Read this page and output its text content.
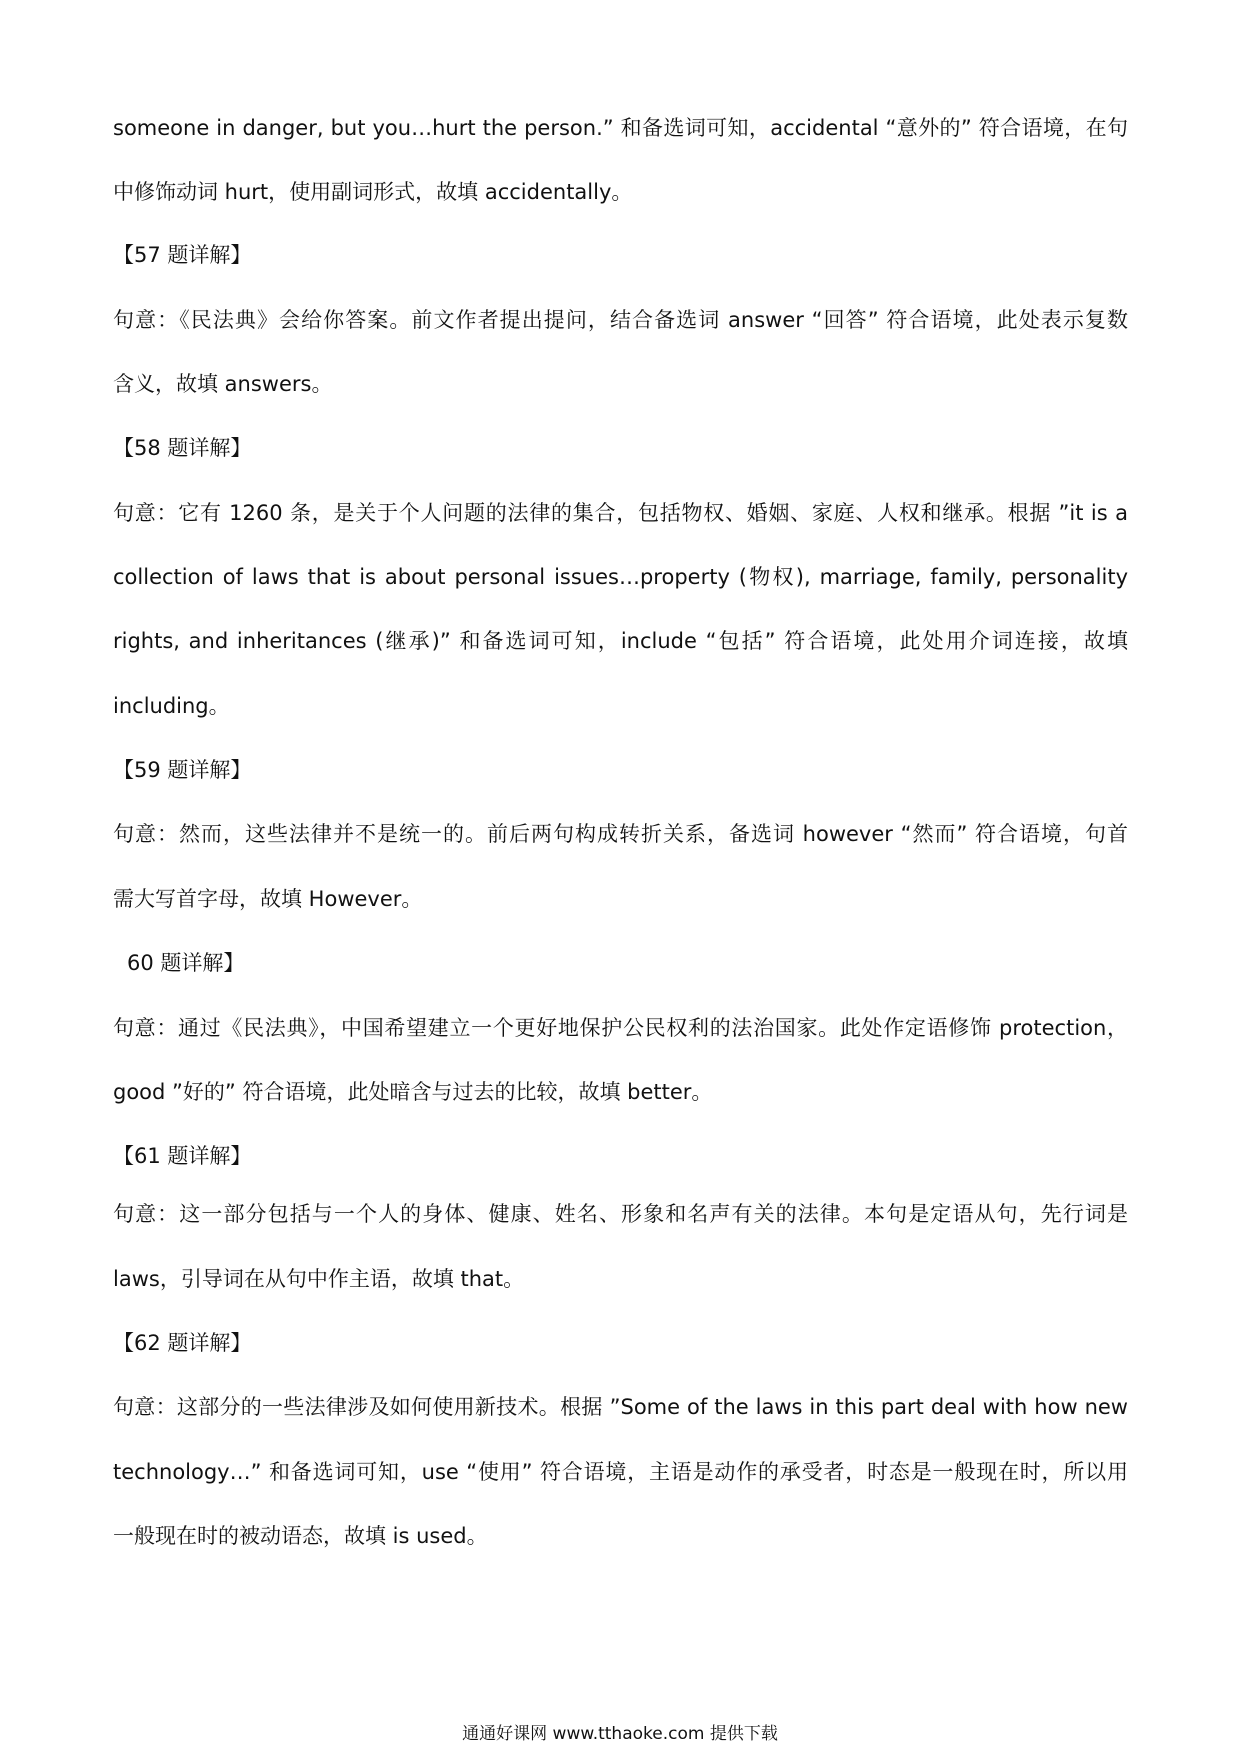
someone in danger, but you…hurt the person.” 和备选词可知，accidental “意外的” 符合语境，在句
中修饰动词 hurt，使用副词形式，故填 accidentally。
【57 题详解】
句意：《民法典》会给你答案。前文作者提出提问，结合备选词 answer “回答” 符合语境，此处表示复数
含义，故填 answers。
【58 题详解】
句意：它有 1260 条，是关于个人问题的法律的集合，包括物权、婚姻、家庭、人权和继承。根据 ”it is a
collection of laws that is about personal issues…property (物权), marriage, family, personality
rights, and inheritances (继承)” 和备选词可知，include “包括” 符合语境，此处用介词连接，故填
including。
【59 题详解】
句意：然而，这些法律并不是统一的。前后两句构成转折关系，备选词 however “然而” 符合语境，句首
需大写首字母，故填 However。
60 题详解】
句意：通过《民法典》，中国希望建立一个更好地保护公民权利的法治国家。此处作定语修饰 protection，
good ”好的” 符合语境，此处暗含与过去的比较，故填 better。
【61 题详解】
句意：这一部分包括与一个人的身体、健康、姓名、形象和名声有关的法律。本句是定语从句，先行词是
laws，引导词在从句中作主语，故填 that。
【62 题详解】
句意：这部分的一些法律涉及如何使用新技术。根据 ”Some of the laws in this part deal with how new
technology…” 和备选词可知，use “使用” 符合语境，主语是动作的承受者，时态是一般现在时，所以用
一般现在时的被动语态，故填 is used。
通通好课网 www.tthaoke.com 提供下载
